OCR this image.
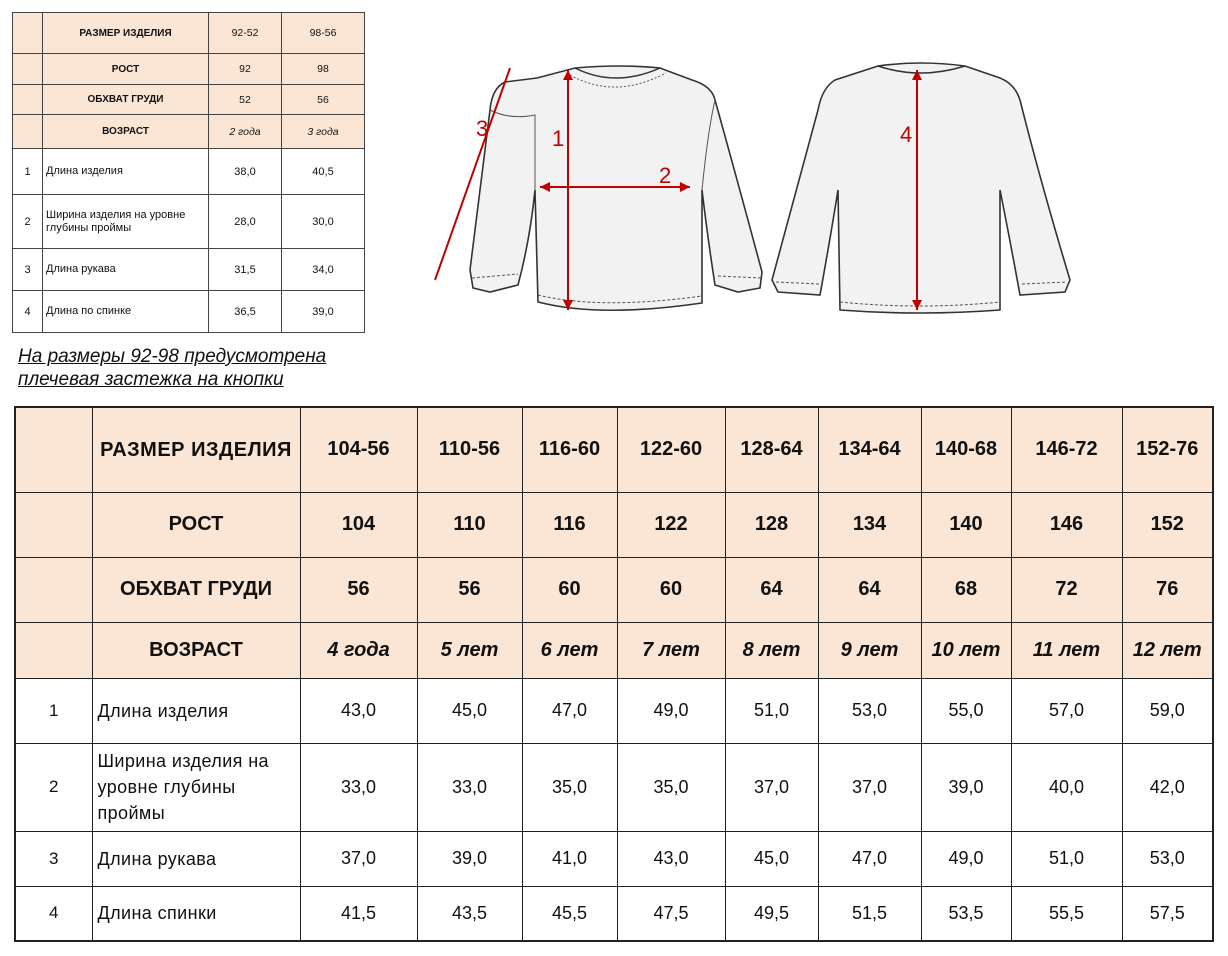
	РАЗМЕР ИЗДЕЛИЯ	92-52	98-56
	РОСТ	92	98
	ОБХВАТ ГРУДИ	52	56
	ВОЗРАСТ	2 года	3 года
1	Длина изделия	38,0	40,5
2	Ширина изделия на уровне глубины проймы	28,0	30,0
3	Длина рукава	31,5	34,0
4	Длина по спинке	36,5	39,0
1
2
3	4
На размеры 92-98 предусмотрена
плечевая застежка на кнопки
	РАЗМЕР ИЗДЕЛИЯ	104-56	110-56	116-60	122-60	128-64	134-64	140-68	146-72	152-76
	РОСТ	104	110	116	122	128	134	140	146	152
	ОБХВАТ ГРУДИ	56	56	60	60	64	64	68	72	76
	ВОЗРАСТ	4 года	5 лет	6 лет	7 лет	8 лет	9 лет	10 лет	11 лет	12 лет
1	Длина изделия	43,0	45,0	47,0	49,0	51,0	53,0	55,0	57,0	59,0
2	Ширина изделия на уровне глубины проймы	33,0	33,0	35,0	35,0	37,0	37,0	39,0	40,0	42,0
3	Длина рукава	37,0	39,0	41,0	43,0	45,0	47,0	49,0	51,0	53,0
4	Длина спинки	41,5	43,5	45,5	47,5	49,5	51,5	53,5	55,5	57,5
